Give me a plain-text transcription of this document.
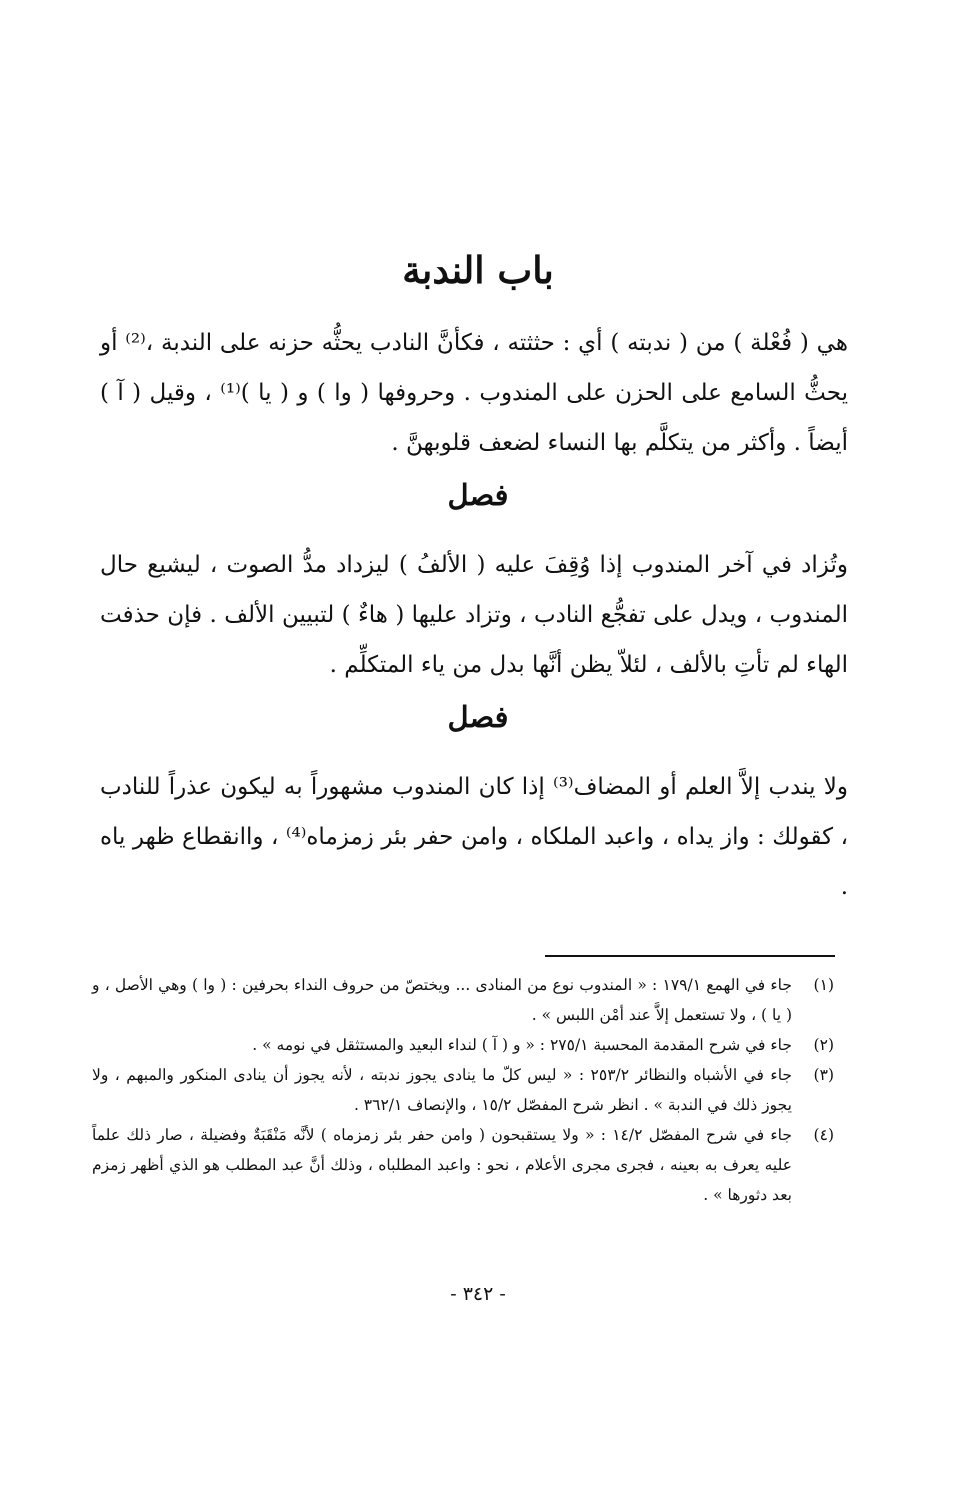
باب الندبة

هي ( فُعْلة ) من ( ندبته ) أي : حثثته ، فكأنَّ النادب يحثُّه حزنه على الندبة ،⁽²⁾ أو يحثُّ السامع على الحزن على المندوب . وحروفها ( وا ) و ( يا )⁽¹⁾ ، وقيل ( آ ) أيضاً . وأكثر من يتكلَّم بها النساء لضعف قلوبهنَّ .

فصل

وتُزاد في آخر المندوب إذا وُقِفَ عليه ( الألفُ ) ليزداد مدُّ الصوت ، ليشيع حال المندوب ، ويدل على تفجُّع النادب ، وتزاد عليها ( هاءٌ ) لتبيين الألف . فإن حذفت الهاء لم تأتِ بالألف ، لئلاّ يظن أنَّها بدل من ياء المتكلِّم .

فصل

ولا يندب إلاَّ العلم أو المضاف⁽³⁾ إذا كان المندوب مشهوراً به ليكون عذراً للنادب ، كقولك : واز يداه ، واعبد الملكاه ، وامن حفر بئر زمزماه⁽⁴⁾ ، واانقطاع ظهر ياه .

(١)
جاء في الهمع ١٧٩/١ : « المندوب نوع من المنادى ... ويختصّ من حروف النداء بحرفين : ( وا ) وهي الأصل ، و ( يا ) ، ولا تستعمل إلاَّ عند أمْن اللبس » .
(٢)
جاء في شرح المقدمة المحسبة ٢٧٥/١ : « و ( آ ) لنداء البعيد والمستثقل في نومه » .
(٣)
جاء في الأشباه والنظائر ٢٥٣/٢ : « ليس كلّ ما ينادى يجوز ندبته ، لأنه يجوز أن ينادى المنكور والمبهم ، ولا يجوز ذلك في الندبة » . انظر شرح المفصّل ١٥/٢ ، والإنصاف ٣٦٢/١ .
(٤)
جاء في شرح المفصّل ١٤/٢ : « ولا يستقبحون ( وامن حفر بئر زمزماه ) لأنَّه مَنْقَبَةٌ وفضيلة ، صار ذلك علماً عليه يعرف به بعينه ، فجرى مجرى الأعلام ، نحو : واعبد المطلباه ، وذلك أنَّ عبد المطلب هو الذي أظهر زمزم بعد دثورها » .
- ٣٤٢ -
